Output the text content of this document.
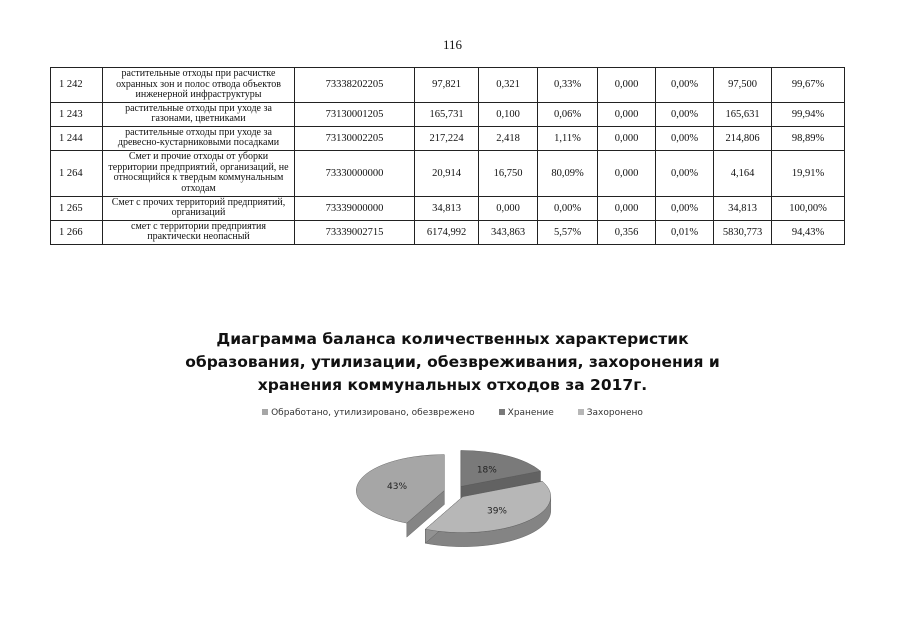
116
1 242	растительные отходы при расчистке охранных зон и полос отвода объектов инженерной инфраструктуры	73338202205	97,821	0,321	0,33%	0,000	0,00%	97,500	99,67%
1 243	растительные отходы при уходе за газонами, цветниками	73130001205	165,731	0,100	0,06%	0,000	0,00%	165,631	99,94%
1 244	растительные отходы при уходе за древесно-кустарниковыми посадками	73130002205	217,224	2,418	1,11%	0,000	0,00%	214,806	98,89%
1 264	Смет и прочие отходы от уборки территории предприятий, организаций, не относящийся к твердым коммунальным отходам	73330000000	20,914	16,750	80,09%	0,000	0,00%	4,164	19,91%
1 265	Смет с прочих территорий предприятий, организаций	73339000000	34,813	0,000	0,00%	0,000	0,00%	34,813	100,00%
1 266	смет с территории предприятия практически неопасный	73339002715	6174,992	343,863	5,57%	0,356	0,01%	5830,773	94,43%
Диаграмма баланса количественных характеристик
образования, утилизации, обезвреживания, захоронения и
хранения коммунальных отходов за 2017г.
Обработано, утилизировано, обезврежено	Хранение	Захоронено
43%
18%
39%
